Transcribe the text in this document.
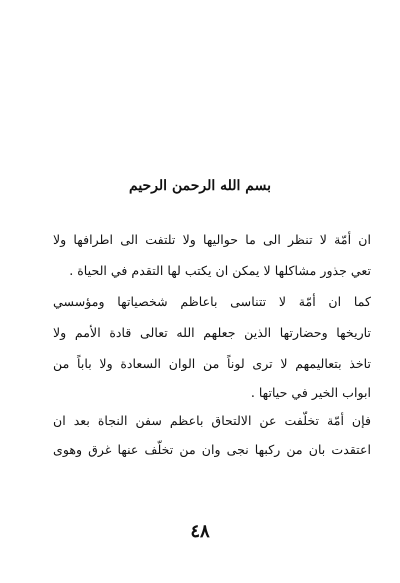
بسم الله الرحمن الرحيم
ان أمّة لا تنظر الى ما حواليها ولا تلتفت الى اطرافها ولا
تعي جذور مشاكلها لا يمكن ان يكتب لها التقدم في الحياة .
كما ان أمّة لا تتناسى باعاظم شخصياتها ومؤسسي
تاريخها وحضارتها الذين جعلهم الله تعالى قادة الأمم ولا
تاخذ بتعاليمهم لا ترى لوناً من الوان السعادة ولا باباً من
ابواب الخير في حياتها .
فإن أمّة تخلّفت عن الالتحاق باعظم سفن النجاة بعد ان
اعتقدت بان من ركبها نجى وان من تخلّف عنها غرق وهوى
٤٨
